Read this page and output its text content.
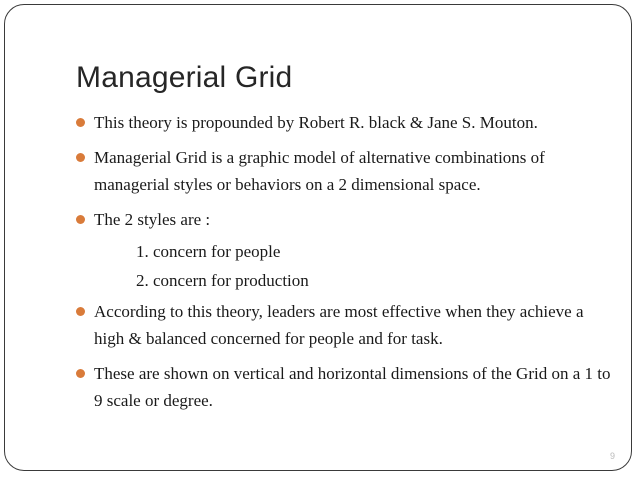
Managerial Grid
This theory is propounded by Robert R. black & Jane S. Mouton.
Managerial Grid is a graphic model of alternative combinations of managerial styles or behaviors on a 2 dimensional space.
The 2 styles are :
1. concern for people
2. concern for production
According to this theory, leaders are most effective when they achieve a high & balanced concerned for people and for task.
These are shown on vertical and horizontal dimensions of the Grid on a 1 to 9 scale or degree.
9
